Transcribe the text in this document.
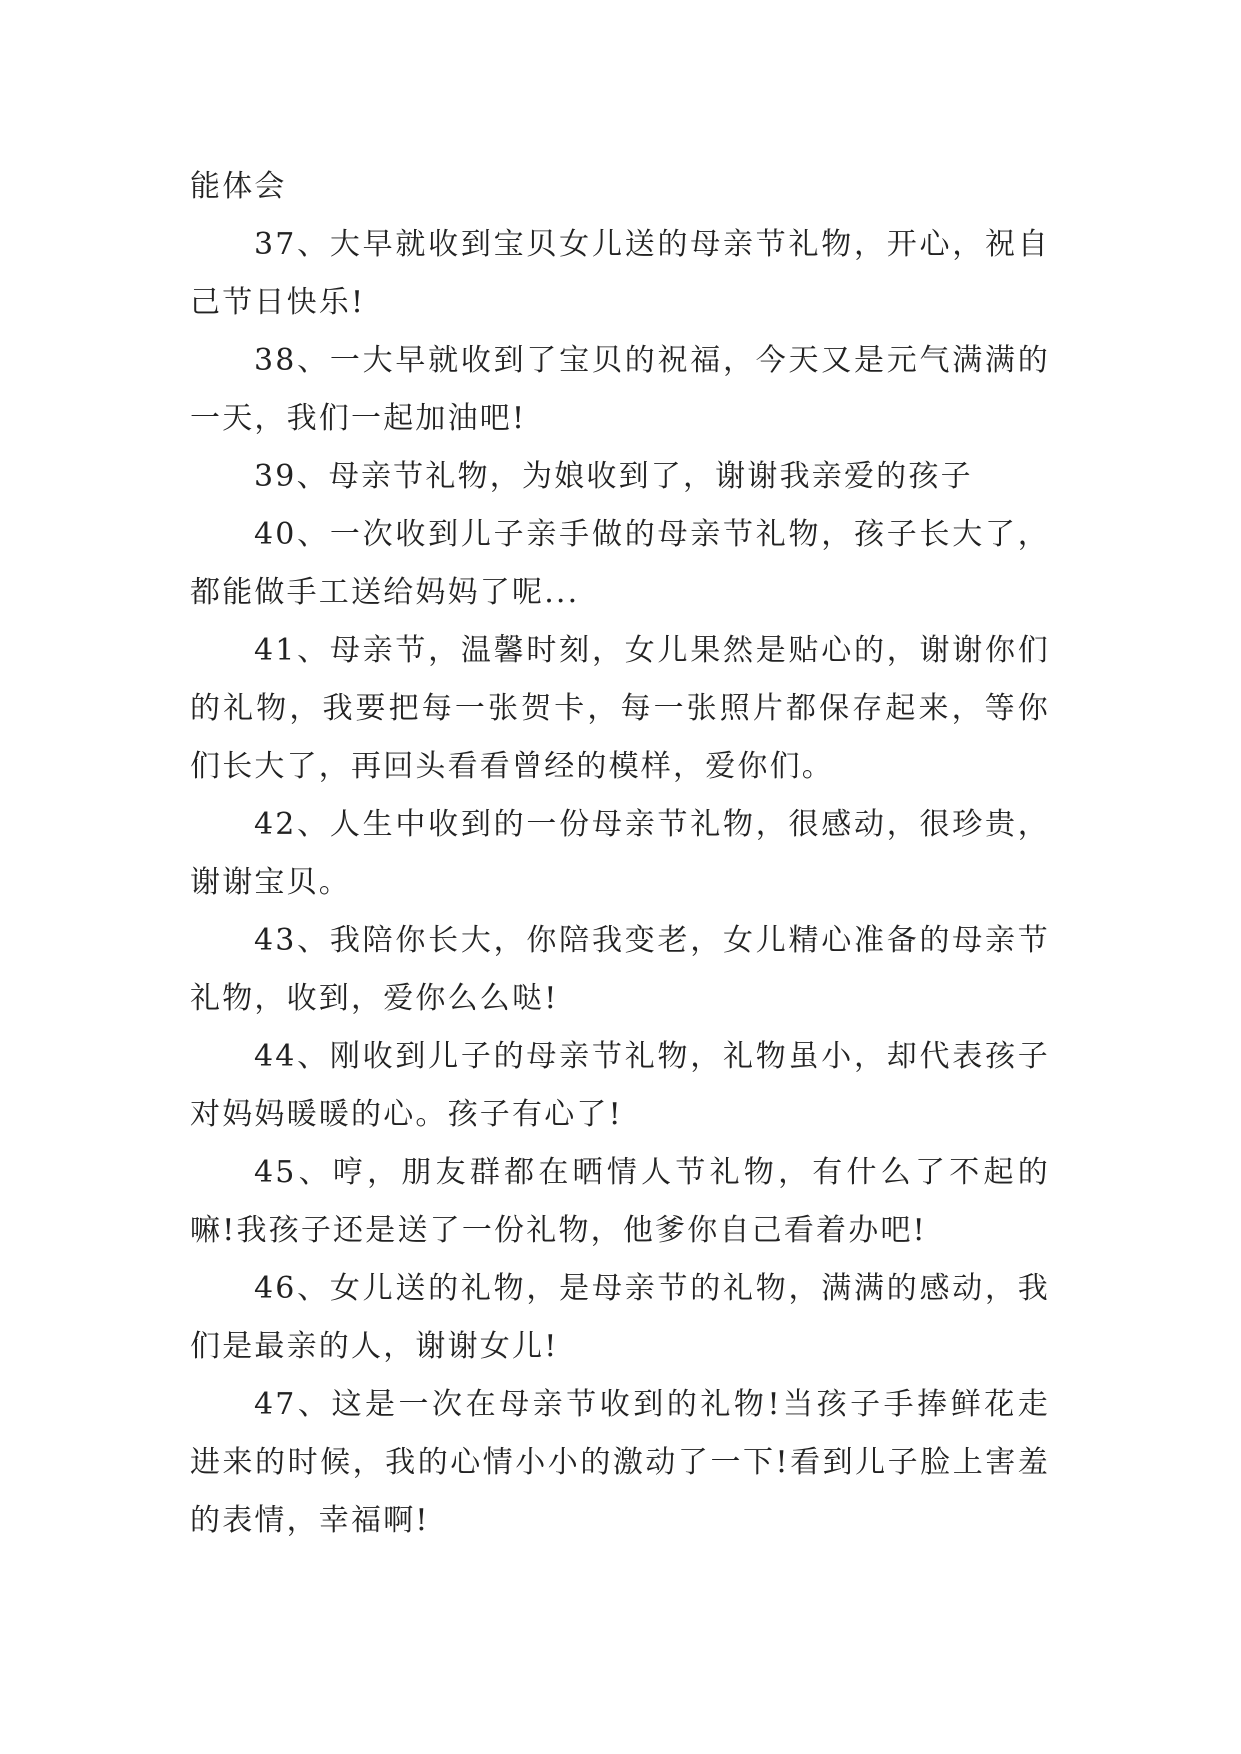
能体会

37、大早就收到宝贝女儿送的母亲节礼物，开心，祝自己节日快乐!

38、一大早就收到了宝贝的祝福，今天又是元气满满的一天，我们一起加油吧!

39、母亲节礼物，为娘收到了，谢谢我亲爱的孩子

40、一次收到儿子亲手做的母亲节礼物，孩子长大了，都能做手工送给妈妈了呢...

41、母亲节，温馨时刻，女儿果然是贴心的，谢谢你们的礼物，我要把每一张贺卡，每一张照片都保存起来，等你们长大了，再回头看看曾经的模样，爱你们。

42、人生中收到的一份母亲节礼物，很感动，很珍贵，谢谢宝贝。

43、我陪你长大，你陪我变老，女儿精心准备的母亲节礼物，收到，爱你么么哒!

44、刚收到儿子的母亲节礼物，礼物虽小，却代表孩子对妈妈暖暖的心。孩子有心了!

45、哼，朋友群都在晒情人节礼物，有什么了不起的嘛!我孩子还是送了一份礼物，他爹你自己看着办吧!

46、女儿送的礼物，是母亲节的礼物，满满的感动，我们是最亲的人，谢谢女儿!

47、这是一次在母亲节收到的礼物!当孩子手捧鲜花走进来的时候，我的心情小小的激动了一下!看到儿子脸上害羞的表情，幸福啊!
